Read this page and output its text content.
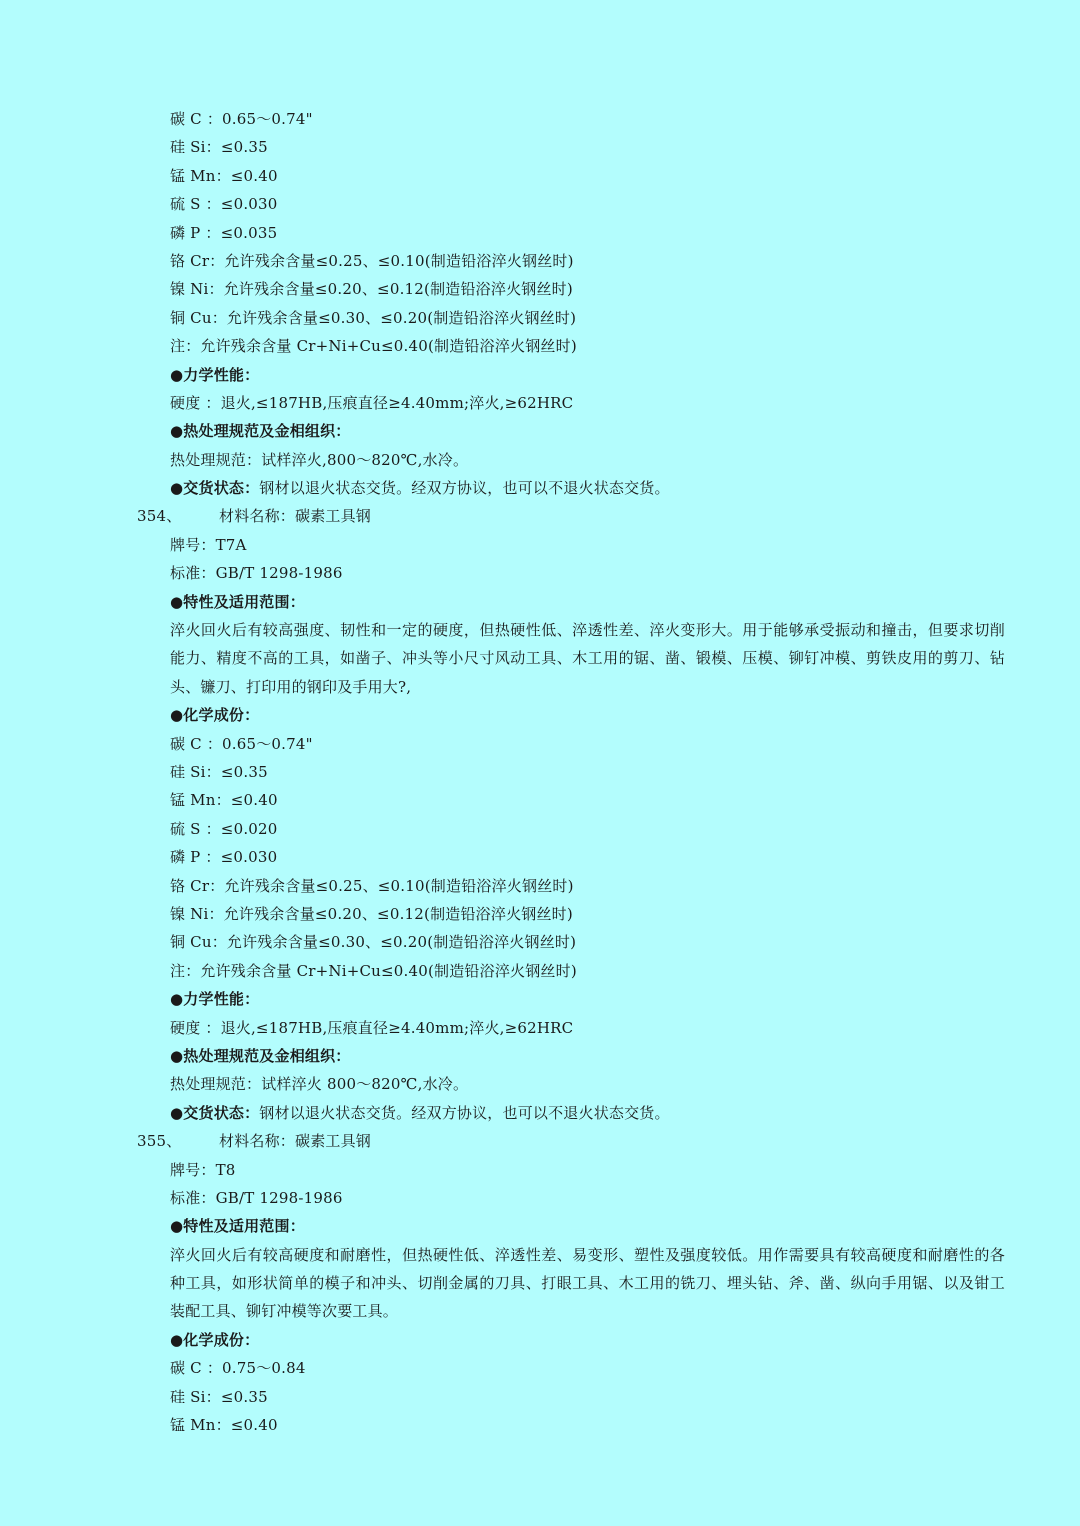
碳 C ：0.65～0.74"
硅 Si：≤0.35
锰 Mn：≤0.40
硫 S ：≤0.030
磷 P ：≤0.035
铬 Cr：允许残余含量≤0.25、≤0.10(制造铅浴淬火钢丝时)
镍 Ni：允许残余含量≤0.20、≤0.12(制造铅浴淬火钢丝时)
铜 Cu：允许残余含量≤0.30、≤0.20(制造铅浴淬火钢丝时)
注：允许残余含量 Cr+Ni+Cu≤0.40(制造铅浴淬火钢丝时)
●力学性能：
硬度 ：退火,≤187HB,压痕直径≥4.40mm;淬火,≥62HRC
●热处理规范及金相组织：
热处理规范：试样淬火,800～820℃,水冷。
●交货状态：钢材以退火状态交货。经双方协议，也可以不退火状态交货。
354、	材料名称：碳素工具钢
牌号：T7A
标准：GB/T 1298-1986
●特性及适用范围：
淬火回火后有较高强度、韧性和一定的硬度，但热硬性低、淬透性差、淬火变形大。用于能够承受振动和撞击，但要求切削能力、精度不高的工具，如凿子、冲头等小尺寸风动工具、木工用的锯、凿、锻模、压模、铆钉冲模、剪铁皮用的剪刀、钻头、镰刀、打印用的钢印及手用大?,
●化学成份：
碳 C ：0.65～0.74"
硅 Si：≤0.35
锰 Mn：≤0.40
硫 S ：≤0.020
磷 P ：≤0.030
铬 Cr：允许残余含量≤0.25、≤0.10(制造铅浴淬火钢丝时)
镍 Ni：允许残余含量≤0.20、≤0.12(制造铅浴淬火钢丝时)
铜 Cu：允许残余含量≤0.30、≤0.20(制造铅浴淬火钢丝时)
注：允许残余含量 Cr+Ni+Cu≤0.40(制造铅浴淬火钢丝时)
●力学性能：
硬度 ：退火,≤187HB,压痕直径≥4.40mm;淬火,≥62HRC
●热处理规范及金相组织：
热处理规范：试样淬火 800～820℃,水冷。
●交货状态：钢材以退火状态交货。经双方协议，也可以不退火状态交货。
355、	材料名称：碳素工具钢
牌号：T8
标准：GB/T 1298-1986
●特性及适用范围：
淬火回火后有较高硬度和耐磨性，但热硬性低、淬透性差、易变形、塑性及强度较低。用作需要具有较高硬度和耐磨性的各种工具，如形状简单的模子和冲头、切削金属的刀具、打眼工具、木工用的铣刀、埋头钻、斧、凿、纵向手用锯、以及钳工装配工具、铆钉冲模等次要工具。
●化学成份：
碳 C ：0.75～0.84
硅 Si：≤0.35
锰 Mn：≤0.40
